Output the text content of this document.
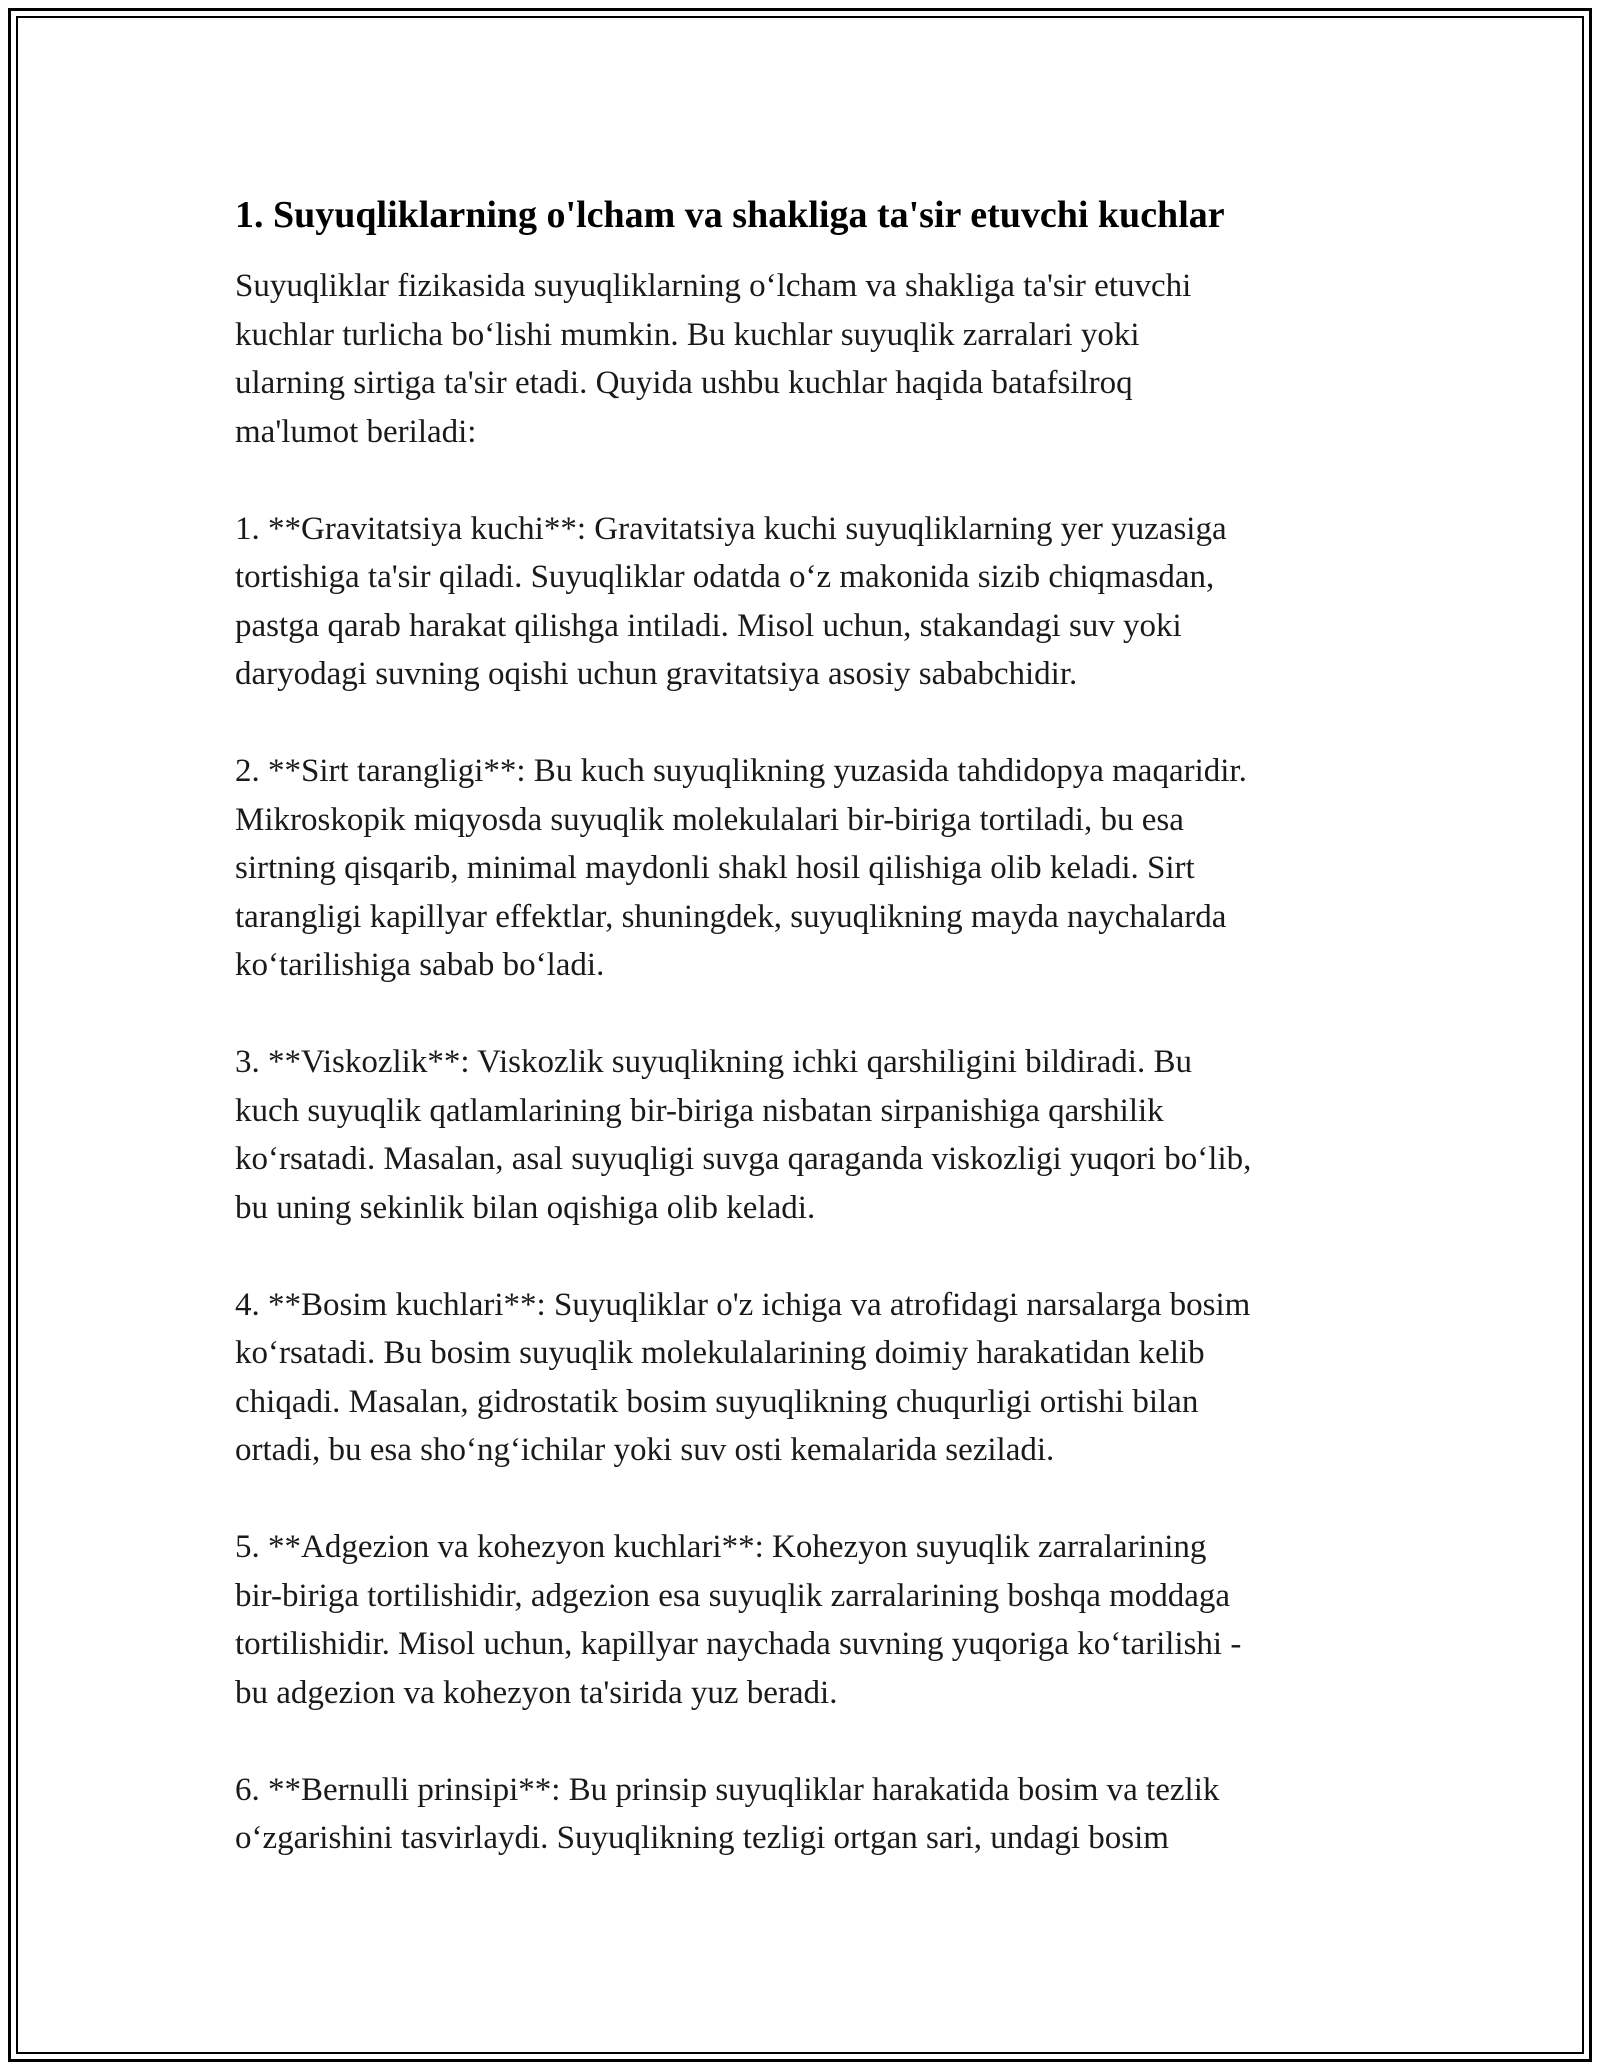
1. Suyuqliklarning o'lcham va shakliga ta'sir etuvchi kuchlar
Suyuqliklar fizikasida suyuqliklarning o‘lcham va shakliga ta'sir etuvchi
kuchlar turlicha bo‘lishi mumkin. Bu kuchlar suyuqlik zarralari yoki
ularning sirtiga ta'sir etadi. Quyida ushbu kuchlar haqida batafsilroq
ma'lumot beriladi:
1. **Gravitatsiya kuchi**: Gravitatsiya kuchi suyuqliklarning yer yuzasiga
tortishiga ta'sir qiladi. Suyuqliklar odatda o‘z makonida sizib chiqmasdan,
pastga qarab harakat qilishga intiladi. Misol uchun, stakandagi suv yoki
daryodagi suvning oqishi uchun gravitatsiya asosiy sababchidir.
2. **Sirt tarangligi**: Bu kuch suyuqlikning yuzasida tahdidopya maqaridir.
Mikroskopik miqyosda suyuqlik molekulalari bir-biriga tortiladi, bu esa
sirtning qisqarib, minimal maydonli shakl hosil qilishiga olib keladi. Sirt
tarangligi kapillyar effektlar, shuningdek, suyuqlikning mayda naychalarda
ko‘tarilishiga sabab bo‘ladi.
3. **Viskozlik**: Viskozlik suyuqlikning ichki qarshiligini bildiradi. Bu
kuch suyuqlik qatlamlarining bir-biriga nisbatan sirpanishiga qarshilik
ko‘rsatadi. Masalan, asal suyuqligi suvga qaraganda viskozligi yuqori bo‘lib,
bu uning sekinlik bilan oqishiga olib keladi.
4. **Bosim kuchlari**: Suyuqliklar o'z ichiga va atrofidagi narsalarga bosim
ko‘rsatadi. Bu bosim suyuqlik molekulalarining doimiy harakatidan kelib
chiqadi. Masalan, gidrostatik bosim suyuqlikning chuqurligi ortishi bilan
ortadi, bu esa sho‘ng‘ichilar yoki suv osti kemalarida seziladi.
5. **Adgezion va kohezyon kuchlari**: Kohezyon suyuqlik zarralarining
bir-biriga tortilishidir, adgezion esa suyuqlik zarralarining boshqa moddaga
tortilishidir. Misol uchun, kapillyar naychada suvning yuqoriga ko‘tarilishi -
bu adgezion va kohezyon ta'sirida yuz beradi.
6. **Bernulli prinsipi**: Bu prinsip suyuqliklar harakatida bosim va tezlik
o‘zgarishini tasvirlaydi. Suyuqlikning tezligi ortgan sari, undagi bosim
